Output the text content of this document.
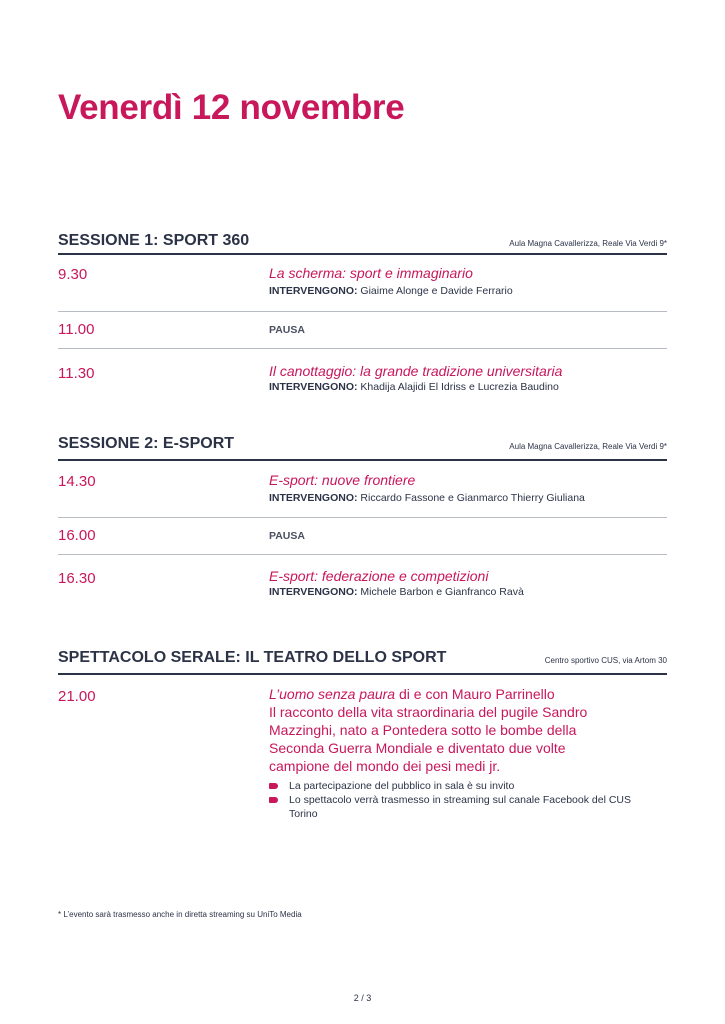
Venerdì 12 novembre
SESSIONE 1: SPORT 360	Aula Magna Cavallerizza, Reale Via Verdi 9*
9.30	La scherma: sport e immaginario
INTERVENGONO: Giaime Alonge e Davide Ferrario
11.00	PAUSA
11.30	Il canottaggio: la grande tradizione universitaria
INTERVENGONO: Khadija Alajidi El Idriss e Lucrezia Baudino
SESSIONE 2: E-SPORT	Aula Magna Cavallerizza, Reale Via Verdi 9*
14.30	E-sport: nuove frontiere
INTERVENGONO: Riccardo Fassone e Gianmarco Thierry Giuliana
16.00	PAUSA
16.30	E-sport: federazione e competizioni
INTERVENGONO: Michele Barbon e Gianfranco Ravà
SPETTACOLO SERALE: IL TEATRO DELLO SPORT	Centro sportivo CUS, via Artom 30
21.00	L’uomo senza paura di e con Mauro Parrinello
Il racconto della vita straordinaria del pugile Sandro
Mazzinghi, nato a Pontedera sotto le bombe della
Seconda Guerra Mondiale e diventato due volte
campione del mondo dei pesi medi jr.
La partecipazione del pubblico in sala è su invito
Lo spettacolo verrà trasmesso in streaming sul canale Facebook del CUS Torino
* L’evento sarà trasmesso anche in diretta streaming su UniTo Media
2 / 3
